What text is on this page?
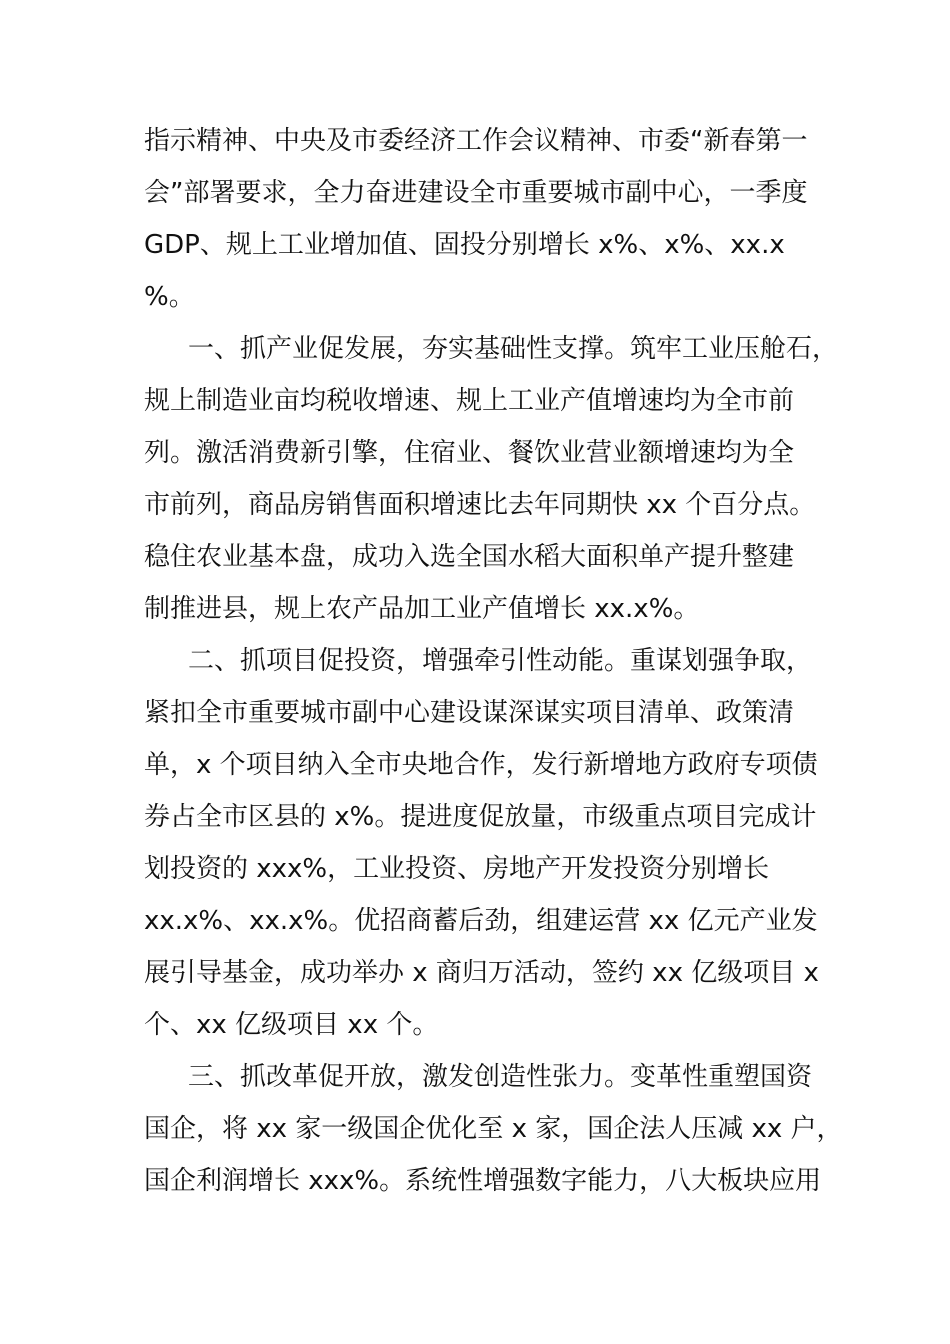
指示精神、中央及市委经济工作会议精神、市委“新春第一
会”部署要求，全力奋进建设全市重要城市副中心，一季度
GDP、规上工业增加值、固投分别增长 x%、x%、xx.x
%。
一、抓产业促发展，夯实基础性支撑。筑牢工业压舱石，
规上制造业亩均税收增速、规上工业产值增速均为全市前
列。激活消费新引擎，住宿业、餐饮业营业额增速均为全
市前列，商品房销售面积增速比去年同期快 xx 个百分点。
稳住农业基本盘，成功入选全国水稻大面积单产提升整建
制推进县，规上农产品加工业产值增长 xx.x%。
二、抓项目促投资，增强牵引性动能。重谋划强争取，
紧扣全市重要城市副中心建设谋深谋实项目清单、政策清
单，x 个项目纳入全市央地合作，发行新增地方政府专项债
券占全市区县的 x%。提进度促放量，市级重点项目完成计
划投资的 xxx%，工业投资、房地产开发投资分别增长
xx.x%、xx.x%。优招商蓄后劲，组建运营 xx 亿元产业发
展引导基金，成功举办 x 商归万活动，签约 xx 亿级项目 x
个、xx 亿级项目 xx 个。
三、抓改革促开放，激发创造性张力。变革性重塑国资
国企，将 xx 家一级国企优化至 x 家，国企法人压减 xx 户，
国企利润增长 xxx%。系统性增强数字能力，八大板块应用
